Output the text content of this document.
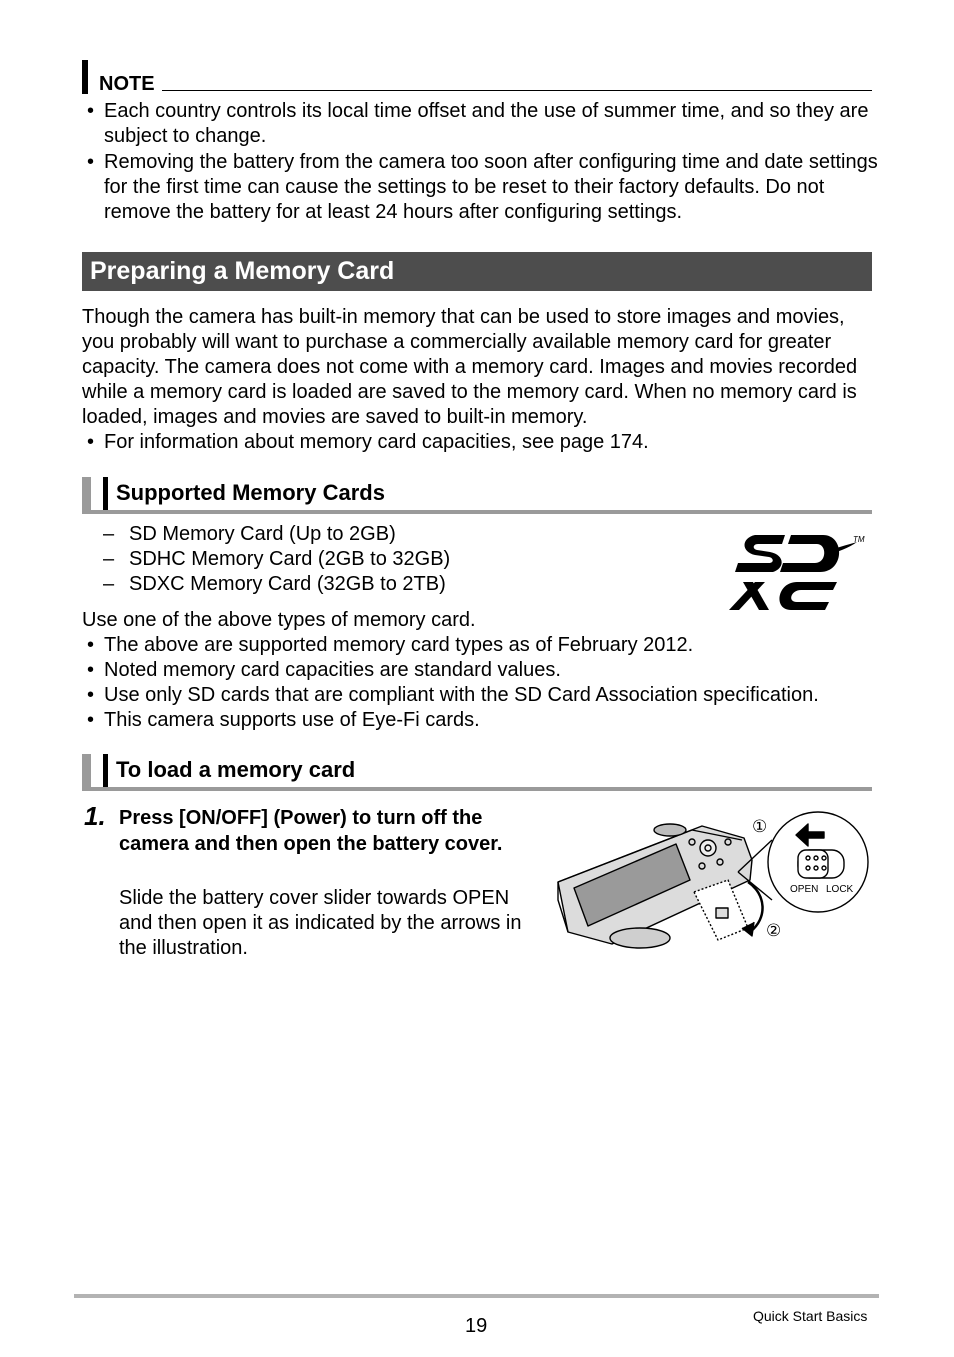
NOTE
• Each country controls its local time offset and the use of summer time, and so they are subject to change.
• Removing the battery from the camera too soon after configuring time and date settings for the first time can cause the settings to be reset to their factory defaults. Do not remove the battery for at least 24 hours after configuring settings.
Preparing a Memory Card
Though the camera has built-in memory that can be used to store images and movies, you probably will want to purchase a commercially available memory card for greater capacity. The camera does not come with a memory card. Images and movies recorded while a memory card is loaded are saved to the memory card. When no memory card is loaded, images and movies are saved to built-in memory.
• For information about memory card capacities, see page 174.
Supported Memory Cards
– SD Memory Card (Up to 2GB)
– SDHC Memory Card (2GB to 32GB)
– SDXC Memory Card (32GB to 2TB)
TM
Use one of the above types of memory card.
• The above are supported memory card types as of February 2012.
• Noted memory card capacities are standard values.
• Use only SD cards that are compliant with the SD Card Association specification.
• This camera supports use of Eye-Fi cards.
To load a memory card
1. Press [ON/OFF] (Power) to turn off the camera and then open the battery cover.
Slide the battery cover slider towards OPEN and then open it as indicated by the arrows in the illustration.
①
②
OPEN LOCK
19	Quick Start Basics
